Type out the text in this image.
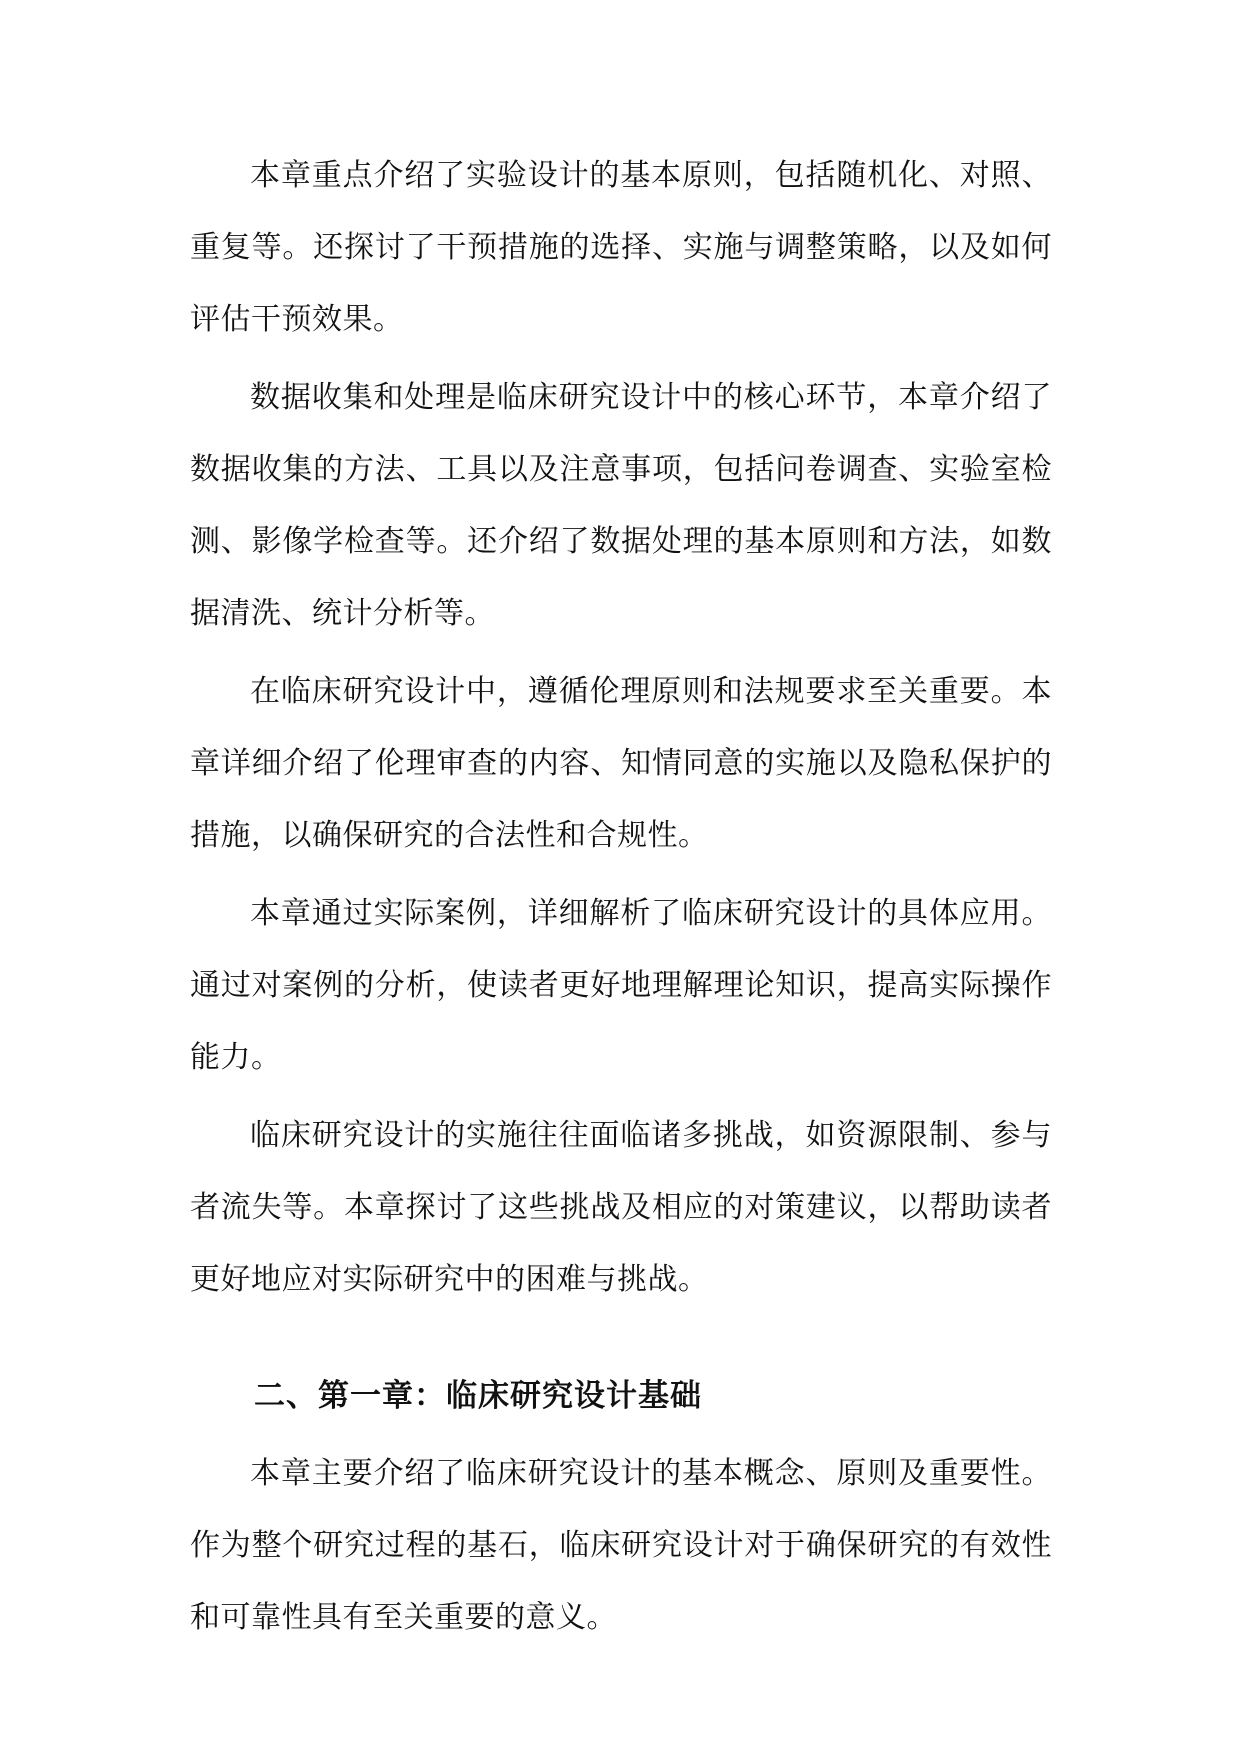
本章重点介绍了实验设计的基本原则，包括随机化、对照、重复等。还探讨了干预措施的选择、实施与调整策略，以及如何评估干预效果。

数据收集和处理是临床研究设计中的核心环节，本章介绍了数据收集的方法、工具以及注意事项，包括问卷调查、实验室检测、影像学检查等。还介绍了数据处理的基本原则和方法，如数据清洗、统计分析等。

在临床研究设计中，遵循伦理原则和法规要求至关重要。本章详细介绍了伦理审查的内容、知情同意的实施以及隐私保护的措施，以确保研究的合法性和合规性。

本章通过实际案例，详细解析了临床研究设计的具体应用。通过对案例的分析，使读者更好地理解理论知识，提高实际操作能力。

临床研究设计的实施往往面临诸多挑战，如资源限制、参与者流失等。本章探讨了这些挑战及相应的对策建议，以帮助读者更好地应对实际研究中的困难与挑战。

二、第一章：临床研究设计基础

本章主要介绍了临床研究设计的基本概念、原则及重要性。作为整个研究过程的基石，临床研究设计对于确保研究的有效性和可靠性具有至关重要的意义。
